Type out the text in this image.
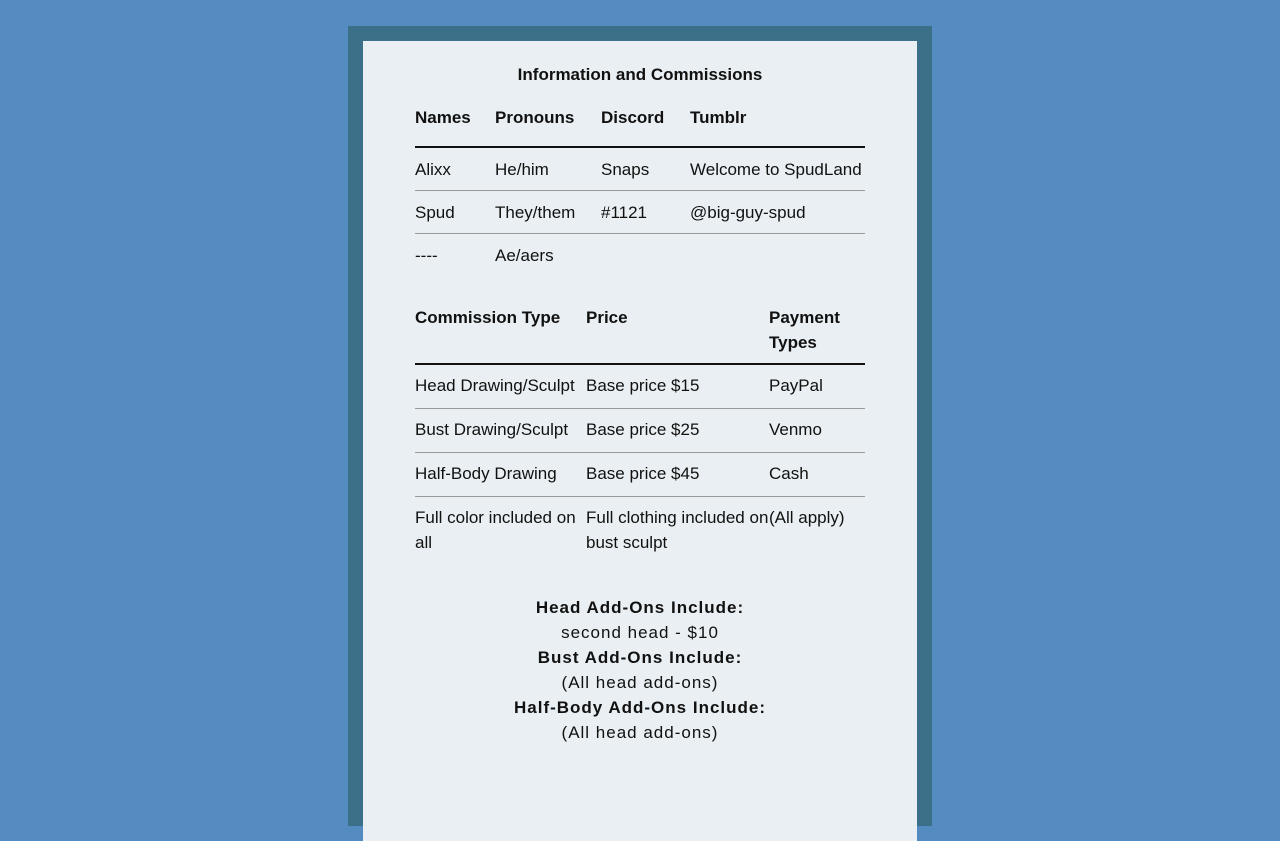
Information and Commissions
Names	Pronouns	Discord	Tumblr
Alixx	He/him	Snaps	Welcome to SpudLand
Spud	They/them	#1121	@big-guy-spud
----	Ae/aers		
Commission Type	Price	Payment Types
Head Drawing/Sculpt	Base price $15	PayPal
Bust Drawing/Sculpt	Base price $25	Venmo
Half-Body Drawing	Base price $45	Cash
Full color included on all	Full clothing included on bust sculpt	(All apply)
Head Add-Ons Include:
second head - $10
Bust Add-Ons Include:
(All head add-ons)
Half-Body Add-Ons Include:
(All head add-ons)
